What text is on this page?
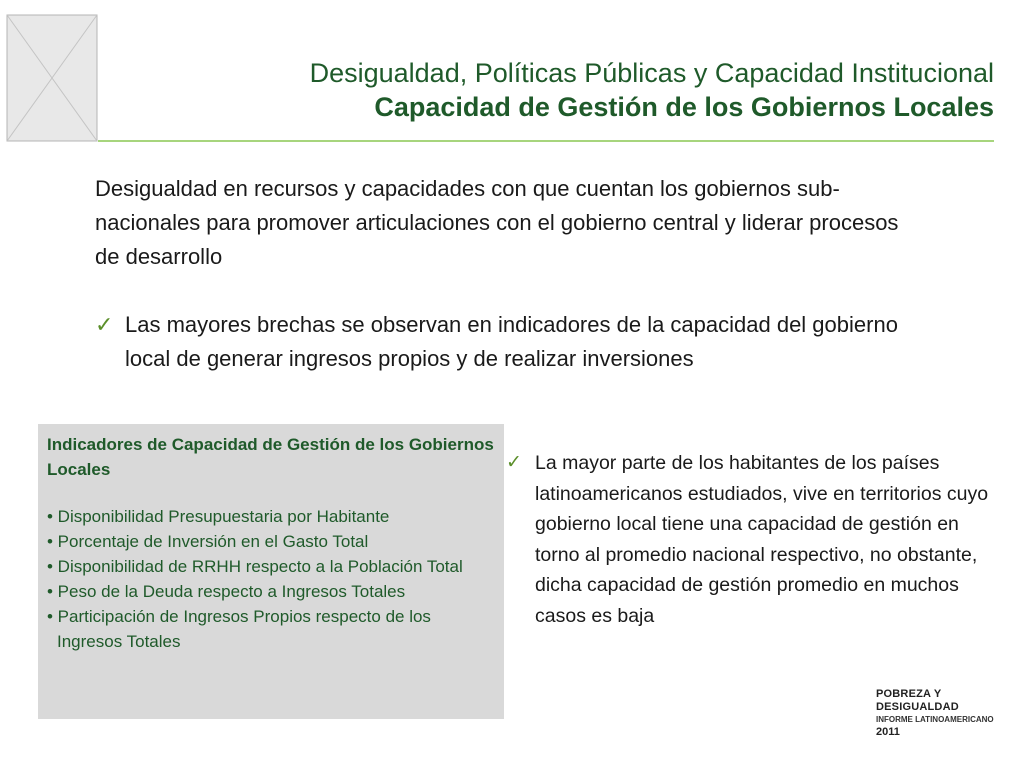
Desigualdad, Políticas Públicas y Capacidad Institucional
Capacidad de Gestión de los Gobiernos Locales
Desigualdad en recursos y capacidades con que cuentan los gobiernos sub-nacionales para promover articulaciones con el gobierno central y liderar procesos de desarrollo
✓ Las mayores brechas se observan en indicadores de la capacidad del gobierno local de generar ingresos propios y de realizar inversiones
Indicadores de Capacidad de Gestión de los Gobiernos Locales
• Disponibilidad Presupuestaria por Habitante
• Porcentaje de Inversión en el Gasto Total
• Disponibilidad de RRHH respecto a la Población Total
• Peso de la Deuda respecto a Ingresos Totales
• Participación de Ingresos Propios respecto de los Ingresos Totales
✓ La mayor parte de los habitantes de los países latinoamericanos estudiados, vive en territorios cuyo gobierno local tiene una capacidad de gestión en torno al promedio nacional respectivo, no obstante, dicha capacidad de gestión promedio en muchos casos es baja
POBREZA Y
DESIGUALDAD
INFORME LATINOAMERICANO
2011
